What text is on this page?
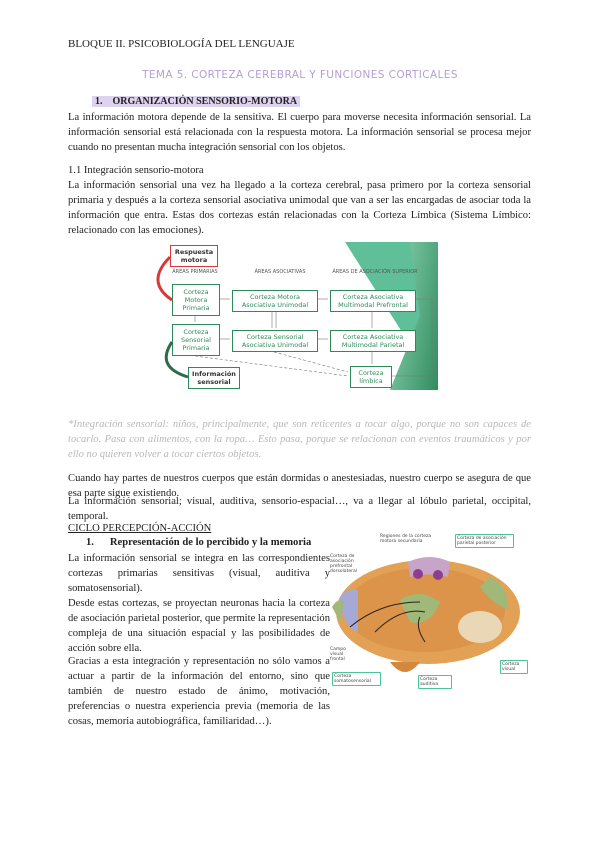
BLOQUE II. PSICOBIOLOGÍA DEL LENGUAJE
TEMA 5. CORTEZA CEREBRAL Y FUNCIONES CORTICALES
1. ORGANIZACIÓN SENSORIO-MOTORA
La información motora depende de la sensitiva. El cuerpo para moverse necesita información sensorial. La información sensorial está relacionada con la respuesta motora. La información sensorial se procesa mejor cuando no presentan mucha integración sensorial con los objetos.
1.1 Integración sensorio-motora
La información sensorial una vez ha llegado a la corteza cerebral, pasa primero por la corteza sensorial primaria y después a la corteza sensorial asociativa unimodal que van a ser las encargadas de asociar toda la información que entra. Estas dos cortezas están relacionadas con la Corteza Límbica (Sistema Límbico: relacionado con las emociones).
Respuesta motora
ÁREAS PRIMARIAS	ÁREAS ASOCIATIVAS	ÁREAS DE ASOCIACIÓN SUPERIOR
Corteza Motora Primaria
Corteza Motora Asociativa Unimodal
Corteza Asociativa Multimodal Prefrontal
Corteza Sensorial Primaria
Corteza Sensorial Asociativa Unimodal
Corteza Asociativa Multimodal Parietal
Información sensorial
Corteza límbica
*Integración sensorial: niños, principalmente, que son reticentes a tocar algo, porque no son capaces de tocarlo. Pasa con alimentos, con la ropa… Esto pasa, porque se relacionan con eventos traumáticos y por ello no quieren volver a tocar ciertos objetos.
Cuando hay partes de nuestros cuerpos que están dormidas o anestesiadas, nuestro cuerpo se asegura de que esa parte sigue existiendo.
La información sensorial; visual, auditiva, sensorio-espacial…, va a llegar al lóbulo parietal, occipital, temporal.
CICLO PERCEPCIÓN-ACCIÓN
1. Representación de lo percibido y la memoria
La información sensorial se integra en las correspondientes cortezas primarias sensitivas (visual, auditiva y somatosensorial).
Desde estas cortezas, se proyectan neuronas hacia la corteza de asociación parietal posterior, que permite la representación compleja de una situación espacial y las posibilidades de acción sobre ella.
Gracias a esta integración y representación no sólo vamos a actuar a partir de la información del entorno, sino que también de nuestro estado de ánimo, motivación, preferencias o nuestra experiencia previa (memoria de las cosas, memoria autobiográfica, familiaridad…).
Regiones de la corteza motora secundaria
Corteza de asociación parietal posterior
Corteza de asociación prefrontal dorsolateral
Campo visual frontal
Corteza somatosensorial	Corteza auditiva
Corteza visual
